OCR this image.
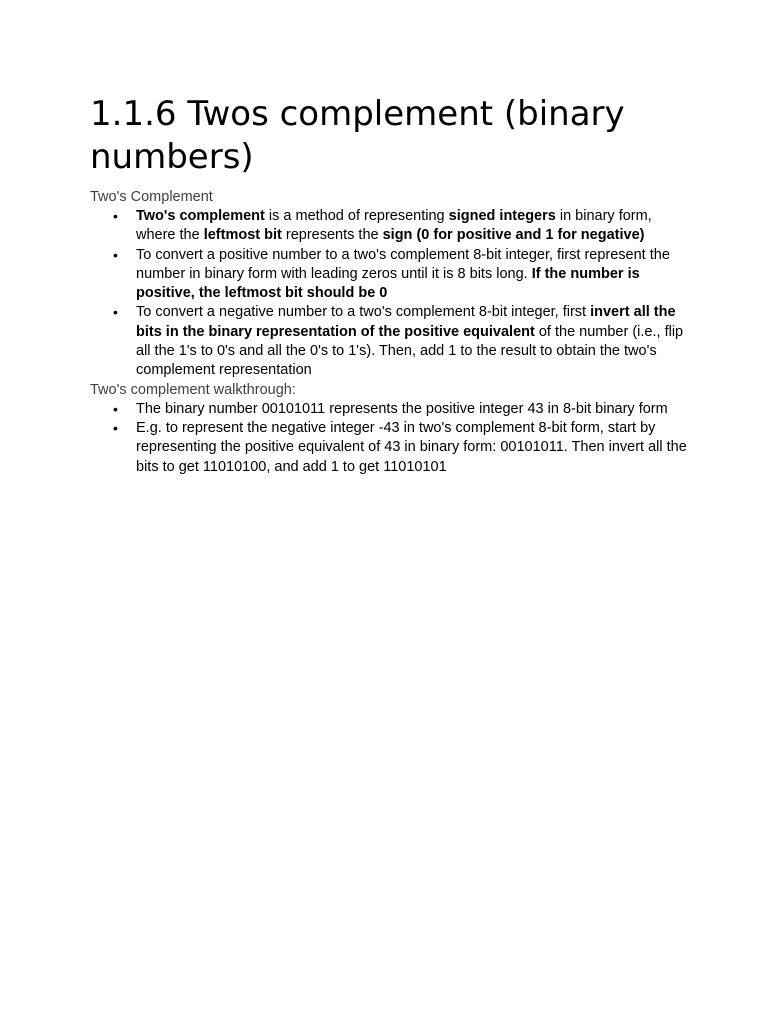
1.1.6 Twos complement (binary numbers)
Two's Complement
• Two's complement is a method of representing signed integers in binary form, where the leftmost bit represents the sign (0 for positive and 1 for negative)
• To convert a positive number to a two's complement 8-bit integer, first represent the number in binary form with leading zeros until it is 8 bits long. If the number is positive, the leftmost bit should be 0
• To convert a negative number to a two's complement 8-bit integer, first invert all the bits in the binary representation of the positive equivalent of the number (i.e., flip all the 1's to 0's and all the 0's to 1's). Then, add 1 to the result to obtain the two's complement representation
Two's complement walkthrough:
• The binary number 00101011 represents the positive integer 43 in 8-bit binary form
• E.g. to represent the negative integer -43 in two's complement 8-bit form, start by representing the positive equivalent of 43 in binary form: 00101011. Then invert all the bits to get 11010100, and add 1 to get 11010101
